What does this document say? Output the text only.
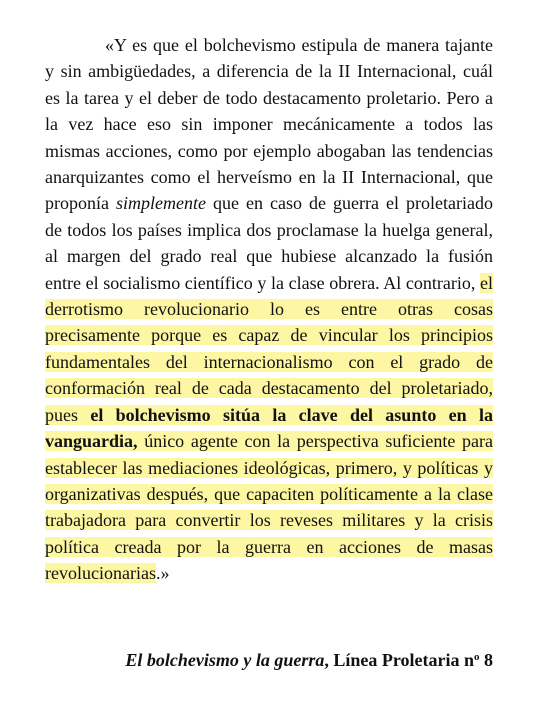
«Y es que el bolchevismo estipula de manera tajante y sin ambigüedades, a diferencia de la II Internacional, cuál es la tarea y el deber de todo destacamento proletario. Pero a la vez hace eso sin imponer mecánicamente a todos las mismas acciones, como por ejemplo abogaban las tendencias anarquizantes como el herveísmo en la II Internacional, que proponía simplemente que en caso de guerra el proletariado de todos los países implica dos proclamase la huelga general, al margen del grado real que hubiese alcanzado la fusión entre el socialismo científico y la clase obrera. Al contrario, el derrotismo revolucionario lo es entre otras cosas precisamente porque es capaz de vincular los principios fundamentales del internacionalismo con el grado de conformación real de cada destacamento del proletariado, pues el bolchevismo sitúa la clave del asunto en la vanguardia, único agente con la perspectiva suficiente para establecer las mediaciones ideológicas, primero, y políticas y organizativas después, que capaciten políticamente a la clase trabajadora para convertir los reveses militares y la crisis política creada por la guerra en acciones de masas revolucionarias.»

El bolchevismo y la guerra, Línea Proletaria $n^o$ 8
